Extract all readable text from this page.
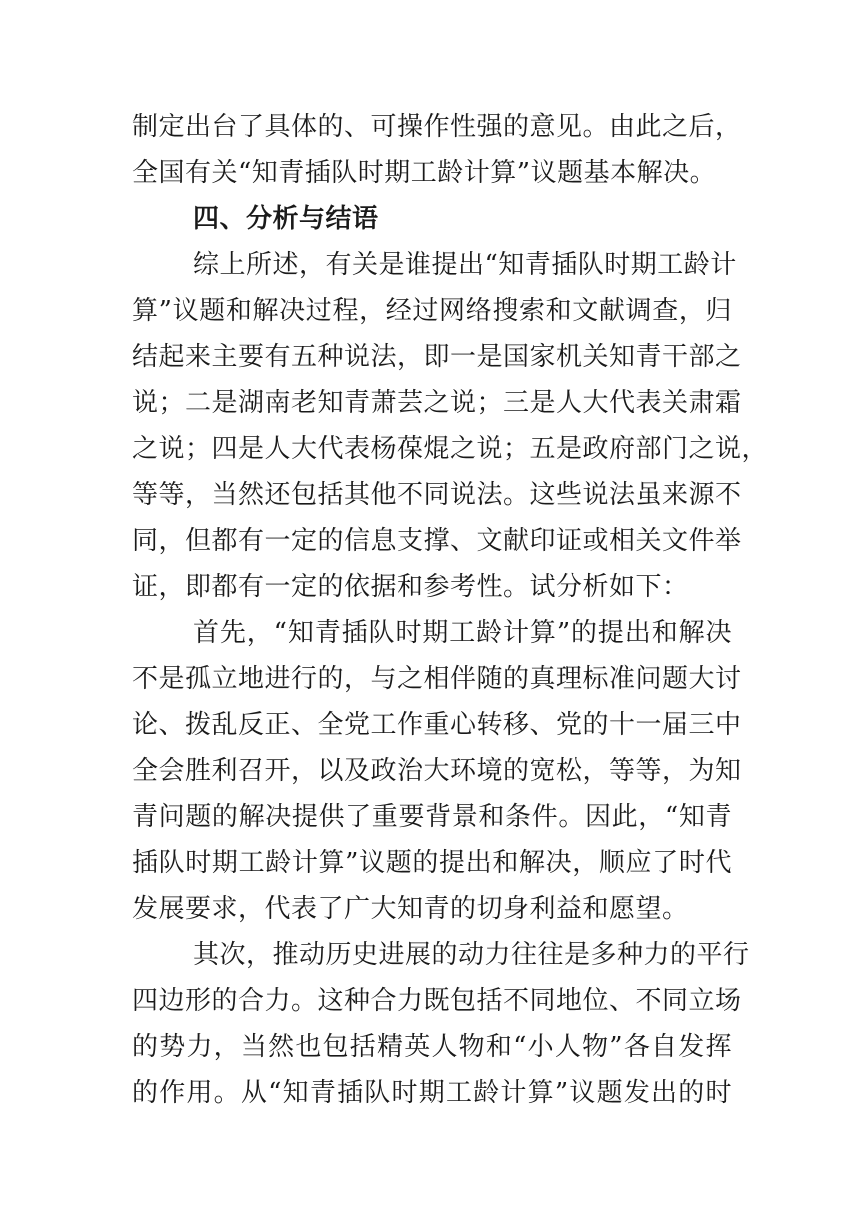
制定出台了具体的、可操作性强的意见。由此之后，
全国有关“知青插队时期工龄计算”议题基本解决。
四、分析与结语
综上所述，有关是谁提出“知青插队时期工龄计
算”议题和解决过程，经过网络搜索和文献调查，归
结起来主要有五种说法，即一是国家机关知青干部之
说；二是湖南老知青萧芸之说；三是人大代表关肃霜
之说；四是人大代表杨葆焜之说；五是政府部门之说，
等等，当然还包括其他不同说法。这些说法虽来源不
同，但都有一定的信息支撑、文献印证或相关文件举
证，即都有一定的依据和参考性。试分析如下：
首先，“知青插队时期工龄计算”的提出和解决
不是孤立地进行的，与之相伴随的真理标准问题大讨
论、拨乱反正、全党工作重心转移、党的十一届三中
全会胜利召开，以及政治大环境的宽松，等等，为知
青问题的解决提供了重要背景和条件。因此，“知青
插队时期工龄计算”议题的提出和解决，顺应了时代
发展要求，代表了广大知青的切身利益和愿望。
其次，推动历史进展的动力往往是多种力的平行
四边形的合力。这种合力既包括不同地位、不同立场
的势力，当然也包括精英人物和“小人物”各自发挥
的作用。从“知青插队时期工龄计算”议题发出的时
